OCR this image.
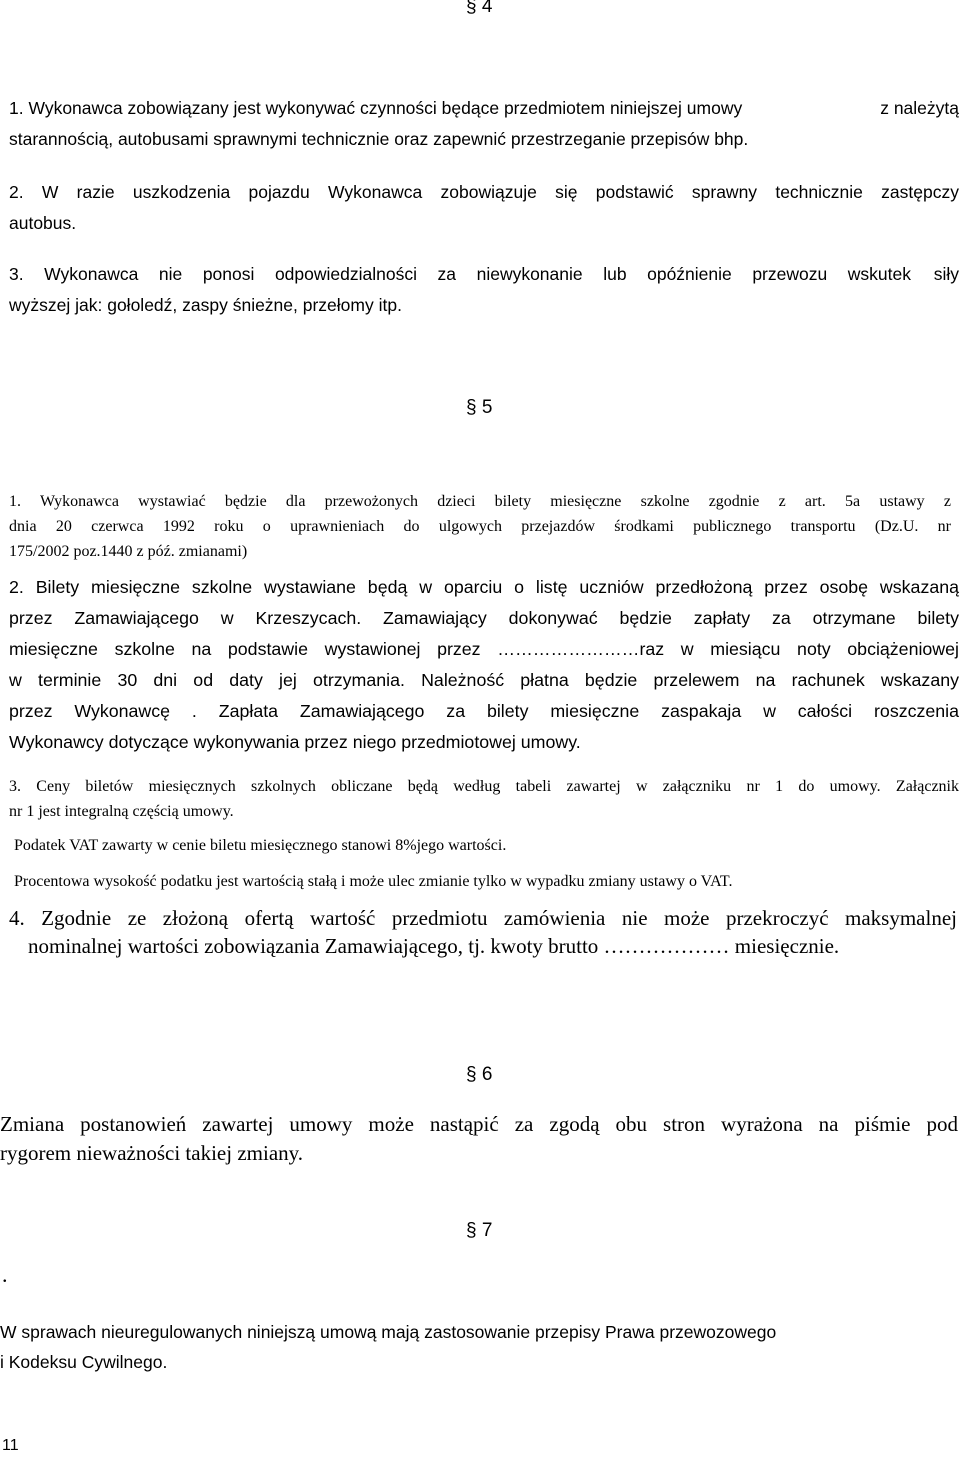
§ 4
1. Wykonawca zobowiązany jest wykonywać czynności będące przedmiotem niniejszej umowy	z należytą
starannością, autobusami sprawnymi technicznie oraz zapewnić przestrzeganie przepisów bhp.
2. W razie uszkodzenia pojazdu Wykonawca zobowiązuje się podstawić sprawny technicznie zastępczy
autobus.
3. Wykonawca nie ponosi odpowiedzialności za niewykonanie lub opóźnienie przewozu wskutek siły
wyższej jak: gołoledź, zaspy śnieżne, przełomy itp.
§ 5
1. Wykonawca wystawiać będzie dla przewożonych dzieci bilety miesięczne szkolne zgodnie z art. 5a ustawy z
dnia 20 czerwca 1992 roku o uprawnieniach do ulgowych przejazdów środkami publicznego transportu (Dz.U. nr
175/2002 poz.1440 z póź. zmianami)
2. Bilety miesięczne szkolne wystawiane będą w oparciu o listę uczniów przedłożoną przez osobę wskazaną
przez Zamawiającego w Krzeszycach. Zamawiający dokonywać będzie zapłaty za otrzymane bilety
miesięczne szkolne na podstawie wystawionej przez ……………………raz w miesiącu noty obciążeniowej
w terminie 30 dni od daty jej otrzymania. Należność płatna będzie przelewem na rachunek wskazany
przez Wykonawcę . Zapłata Zamawiającego za bilety miesięczne zaspakaja w całości roszczenia
Wykonawcy dotyczące wykonywania przez niego przedmiotowej umowy.
3. Ceny biletów miesięcznych szkolnych obliczane będą według tabeli zawartej w załączniku nr 1 do umowy. Załącznik
nr 1 jest integralną częścią umowy.
Podatek VAT zawarty w cenie biletu miesięcznego stanowi 8%jego wartości.
Procentowa wysokość podatku jest wartością stałą i może ulec zmianie tylko w wypadku zmiany ustawy o VAT.
4. Zgodnie ze złożoną ofertą wartość przedmiotu zamówienia nie może przekroczyć maksymalnej
nominalnej wartości zobowiązania Zamawiającego, tj. kwoty brutto ……………… miesięcznie.
§ 6
Zmiana postanowień zawartej umowy może nastąpić za zgodą obu stron wyrażona na piśmie pod
rygorem nieważności takiej zmiany.
§ 7
.
W sprawach nieuregulowanych niniejszą umową mają zastosowanie przepisy Prawa przewozowego
i Kodeksu Cywilnego.
11
